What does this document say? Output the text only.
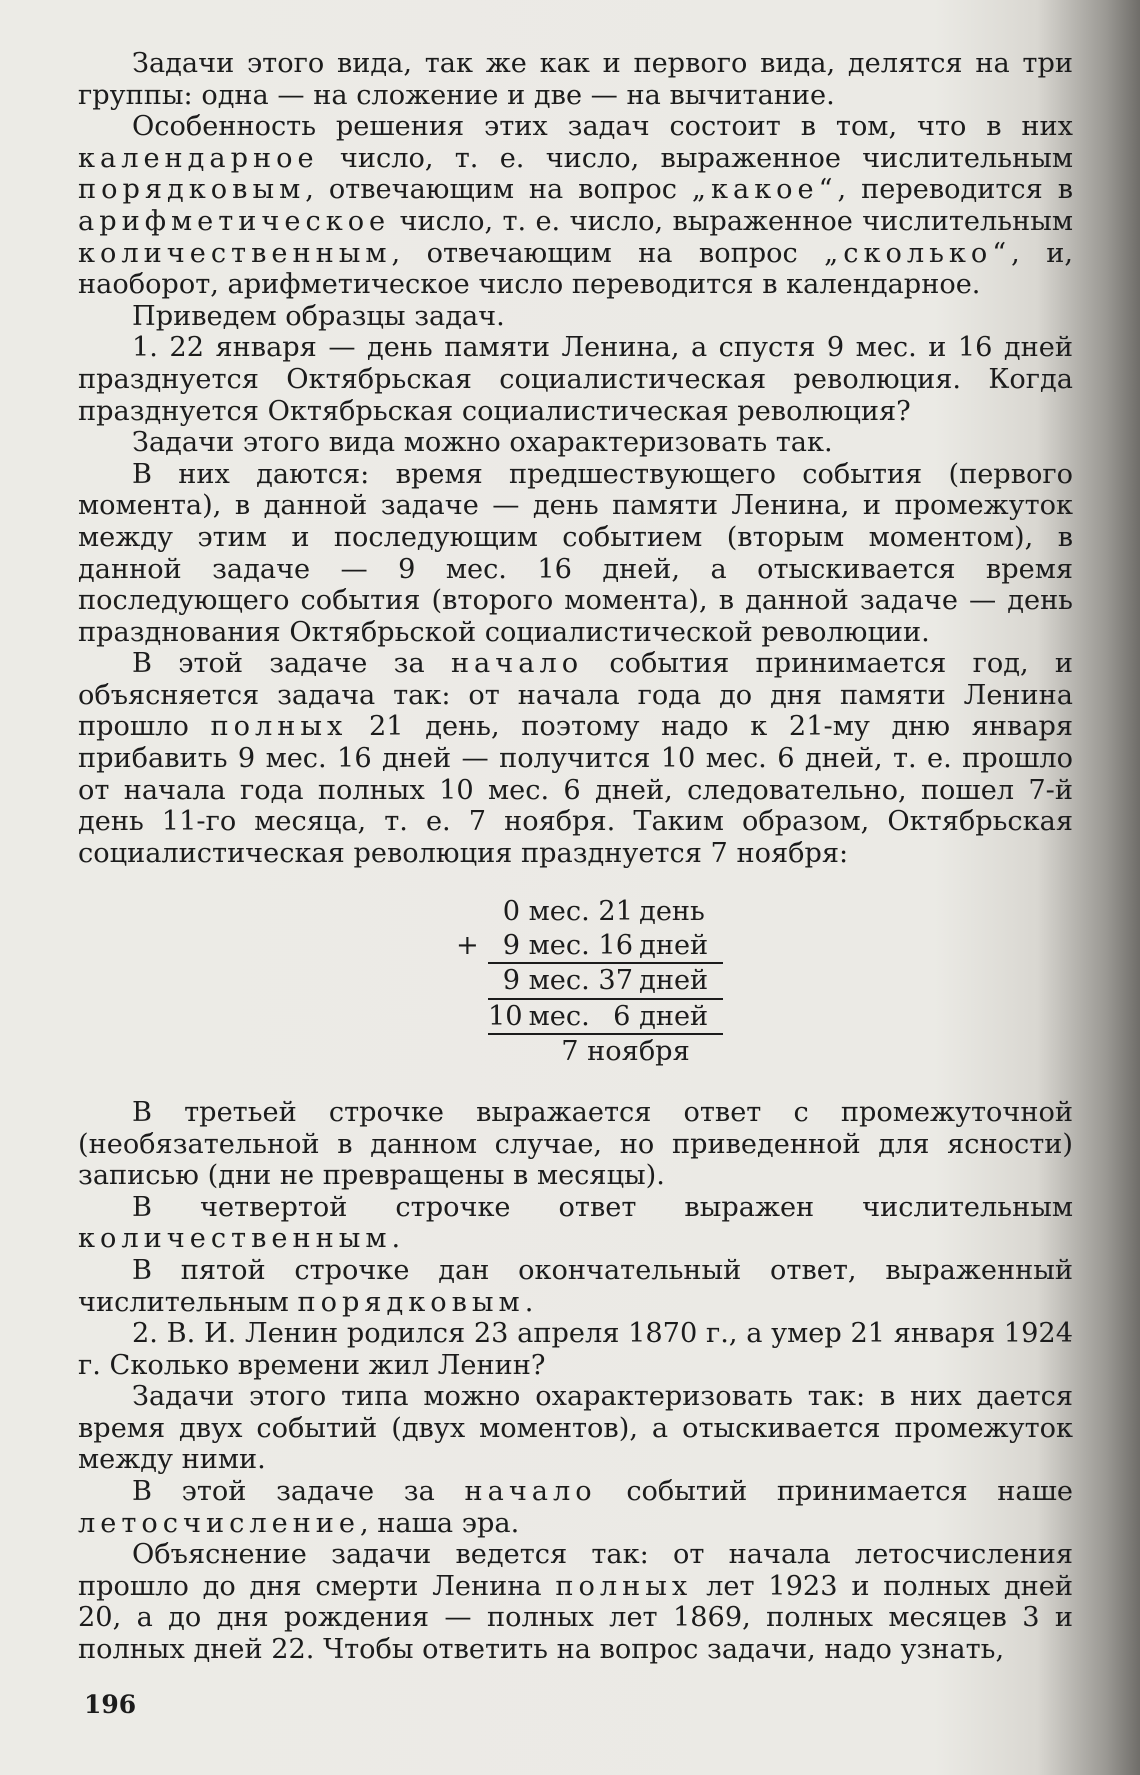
Задачи этого вида, так же как и первого вида, делятся на три группы: одна — на сложение и две — на вычитание.

Особенность решения этих задач состоит в том, что в них календарное число, т. е. число, выраженное числительным порядковым, отвечающим на вопрос „какое“, переводится в арифметическое число, т. е. число, выраженное числительным количественным, отвечающим на вопрос „сколько“, и, наоборот, арифметическое число переводится в календарное.

Приведем образцы задач.

1. 22 января — день памяти Ленина, а спустя 9 мес. и 16 дней празднуется Октябрьская социалистическая революция. Когда празднуется Октябрьская социалистическая революция?

Задачи этого вида можно охарактеризовать так.

В них даются: время предшествующего события (первого момента), в данной задаче — день памяти Ленина, и промежуток между этим и последующим событием (вторым моментом), в данной задаче — 9 мес. 16 дней, а отыскивается время последующего события (второго момента), в данной задаче — день празднования Октябрьской социалистической революции.

В этой задаче за начало события принимается год, и объясняется задача так: от начала года до дня памяти Ленина прошло полных 21 день, поэтому надо к 21-му дню января прибавить 9 мес. 16 дней — получится 10 мес. 6 дней, т. е. прошло от начала года полных 10 мес. 6 дней, следовательно, пошел 7-й день 11-го месяца, т. е. 7 ноября. Таким образом, Октябрьская социалистическая революция празднуется 7 ноября:

0 мес. 21 день
+ 9 мес. 16 дней
9 мес. 37 дней
10 мес. 6 дней
7 ноября

В третьей строчке выражается ответ с промежуточной (необязательной в данном случае, но приведенной для ясности) записью (дни не превращены в месяцы).

В четвертой строчке ответ выражен числительным количественным.

В пятой строчке дан окончательный ответ, выраженный числительным порядковым.

2. В. И. Ленин родился 23 апреля 1870 г., а умер 21 января 1924 г. Сколько времени жил Ленин?

Задачи этого типа можно охарактеризовать так: в них дается время двух событий (двух моментов), а отыскивается промежуток между ними.

В этой задаче за начало событий принимается наше летосчисление, наша эра.

Объяснение задачи ведется так: от начала летосчисления прошло до дня смерти Ленина полных лет 1923 и полных дней 20, а до дня рождения — полных лет 1869, полных месяцев 3 и полных дней 22. Чтобы ответить на вопрос задачи, надо узнать,

196
